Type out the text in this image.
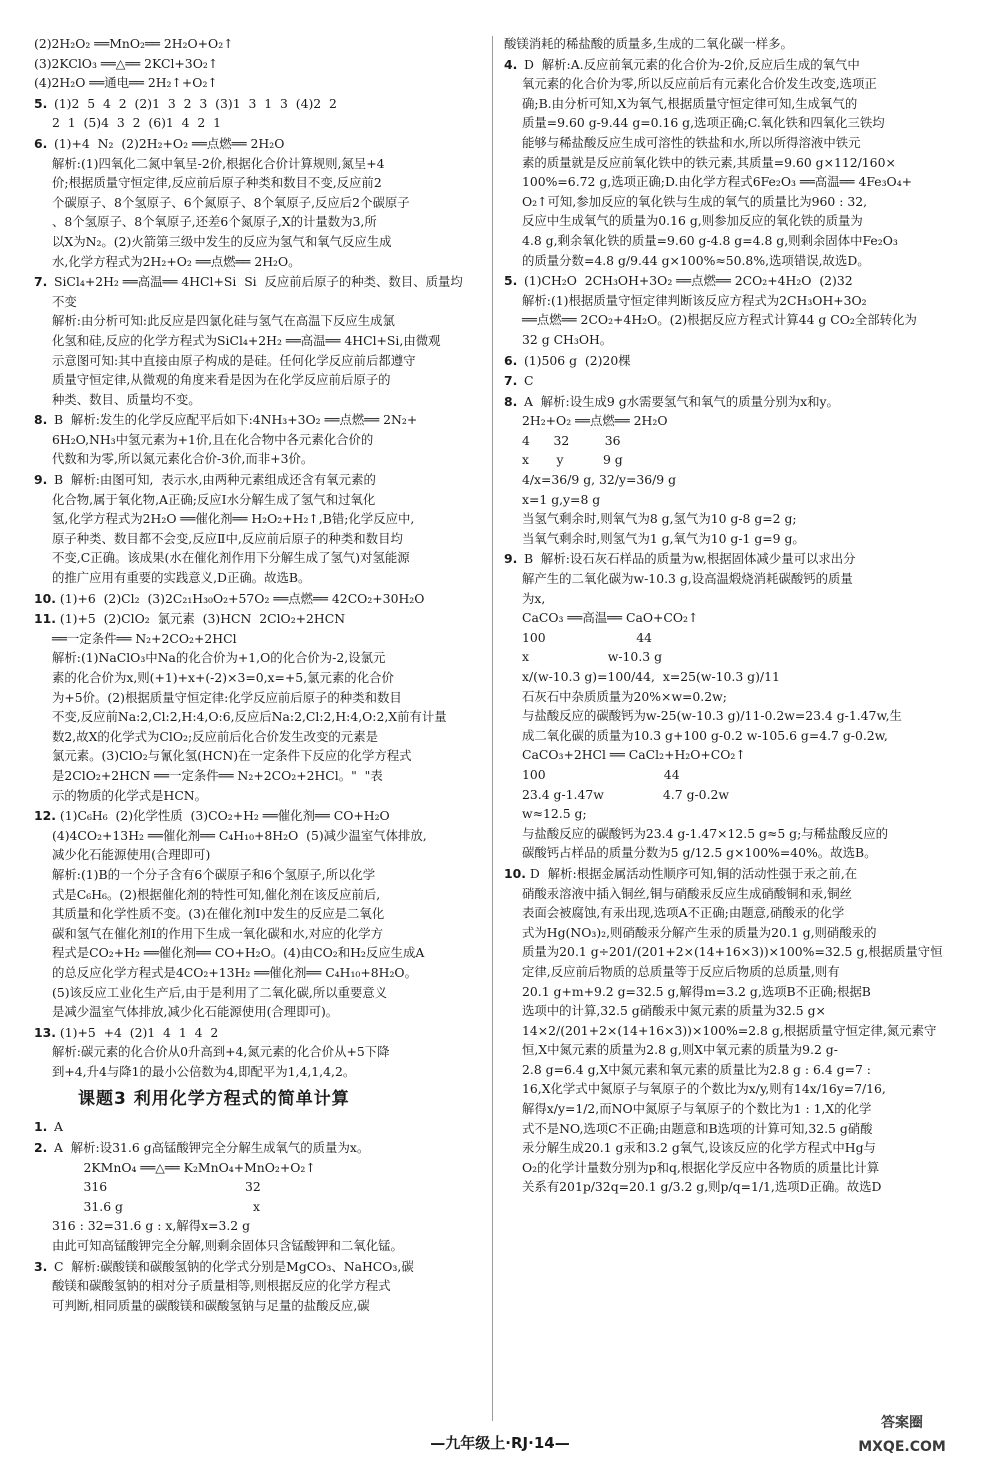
(2)2H₂O₂ ══MnO₂══ 2H₂O+O₂↑
(3)2KClO₃ ══△══ 2KCl+3O₂↑
(4)2H₂O ══通电══ 2H₂↑+O₂↑
5. (1)2  5  4  2  (2)1  3  2  3  (3)1  3  1  3  (4)2  2
2  1  (5)4  3  2  (6)1  4  2  1
6. (1)+4  N₂  (2)2H₂+O₂ ══点燃══ 2H₂O
解析:(1)四氧化二氮中氧呈-2价,根据化合价计算规则,氮呈+4
价;根据质量守恒定律,反应前后原子种类和数目不变,反应前2
个碳原子、8个氢原子、6个氮原子、8个氧原子,反应后2个碳原子
、8个氢原子、8个氧原子,还差6个氮原子,X的计量数为3,所
以X为N₂。(2)火箭第三级中发生的反应为氢气和氧气反应生成
水,化学方程式为2H₂+O₂ ══点燃══ 2H₂O。
7. SiCl₄+2H₂ ══高温══ 4HCl+Si  Si  反应前后原子的种类、数目、质量均
不变
解析:由分析可知:此反应是四氯化硅与氢气在高温下反应生成氯
化氢和硅,反应的化学方程式为SiCl₄+2H₂ ══高温══ 4HCl+Si,由微观
示意图可知:其中直接由原子构成的是硅。任何化学反应前后都遵守
质量守恒定律,从微观的角度来看是因为在化学反应前后原子的
种类、数目、质量均不变。
8. B  解析:发生的化学反应配平后如下:4NH₃+3O₂ ══点燃══ 2N₂+
6H₂O,NH₃中氢元素为+1价,且在化合物中各元素化合价的
代数和为零,所以氮元素化合价-3价,而非+3价。
9. B  解析:由图可知,  表示水,由两种元素组成还含有氧元素的
化合物,属于氧化物,A正确;反应Ⅰ水分解生成了氢气和过氧化
氢,化学方程式为2H₂O ══催化剂══ H₂O₂+H₂↑,B错;化学反应中,
原子种类、数目都不会变,反应Ⅱ中,反应前后原子的种类和数目均
不变,C正确。该成果(水在催化剂作用下分解生成了氢气)对氢能源
的推广应用有重要的实践意义,D正确。故选B。
10. (1)+6  (2)Cl₂  (3)2C₂₁H₃₀O₂+57O₂ ══点燃══ 42CO₂+30H₂O
11. (1)+5  (2)ClO₂  氯元素  (3)HCN  2ClO₂+2HCN
══一定条件══ N₂+2CO₂+2HCl
解析:(1)NaClO₃中Na的化合价为+1,O的化合价为-2,设氯元
素的化合价为x,则(+1)+x+(-2)×3=0,x=+5,氯元素的化合价
为+5价。(2)根据质量守恒定律:化学反应前后原子的种类和数目
不变,反应前Na:2,Cl:2,H:4,O:6,反应后Na:2,Cl:2,H:4,O:2,X前有计量
数2,故X的化学式为ClO₂;反应前后化合价发生改变的元素是
氯元素。(3)ClO₂与氰化氢(HCN)在一定条件下反应的化学方程式
是2ClO₂+2HCN ══一定条件══ N₂+2CO₂+2HCl。"  "表
示的物质的化学式是HCN。
12. (1)C₆H₆  (2)化学性质  (3)CO₂+H₂ ══催化剂══ CO+H₂O
(4)4CO₂+13H₂ ══催化剂══ C₄H₁₀+8H₂O  (5)减少温室气体排放,
减少化石能源使用(合理即可)
解析:(1)B的一个分子含有6个碳原子和6个氢原子,所以化学
式是C₆H₆。(2)根据催化剂的特性可知,催化剂在该反应前后,
其质量和化学性质不变。(3)在催化剂Ⅰ中发生的反应是二氧化
碳和氢气在催化剂Ⅰ的作用下生成一氧化碳和水,对应的化学方
程式是CO₂+H₂ ══催化剂══ CO+H₂O。(4)由CO₂和H₂反应生成A
的总反应化学方程式是4CO₂+13H₂ ══催化剂══ C₄H₁₀+8H₂O。
(5)该反应工业化生产后,由于是利用了二氧化碳,所以重要意义
是减少温室气体排放,减少化石能源使用(合理即可)。
13. (1)+5  +4  (2)1  4  1  4  2
解析:碳元素的化合价从0升高到+4,氮元素的化合价从+5下降
到+4,升4与降1的最小公倍数为4,即配平为1,4,1,4,2。
课题3 利用化学方程式的简单计算
1. A
2. A  解析:设31.6 g高锰酸钾完全分解生成氧气的质量为x。
2KMnO₄ ══△══ K₂MnO₄+MnO₂+O₂↑
316                                   32
31.6 g                                 x
316 : 32=31.6 g : x,解得x=3.2 g
由此可知高锰酸钾完全分解,则剩余固体只含锰酸钾和二氧化锰。
3. C  解析:碳酸镁和碳酸氢钠的化学式分别是MgCO₃、NaHCO₃,碳
酸镁和碳酸氢钠的相对分子质量相等,则根据反应的化学方程式
可判断,相同质量的碳酸镁和碳酸氢钠与足量的盐酸反应,碳
酸镁消耗的稀盐酸的质量多,生成的二氧化碳一样多。
4. D  解析:A.反应前氧元素的化合价为-2价,反应后生成的氧气中
氧元素的化合价为零,所以反应前后有元素化合价发生改变,选项正
确;B.由分析可知,X为氧气,根据质量守恒定律可知,生成氧气的
质量=9.60 g-9.44 g=0.16 g,选项正确;C.氧化铁和四氧化三铁均
能够与稀盐酸反应生成可溶性的铁盐和水,所以所得溶液中铁元
素的质量就是反应前氧化铁中的铁元素,其质量=9.60 g×112/160×
100%=6.72 g,选项正确;D.由化学方程式6Fe₂O₃ ══高温══ 4Fe₃O₄+
O₂↑可知,参加反应的氧化铁与生成的氧气的质量比为960 : 32,
反应中生成氧气的质量为0.16 g,则参加反应的氧化铁的质量为
4.8 g,剩余氧化铁的质量=9.60 g-4.8 g=4.8 g,则剩余固体中Fe₂O₃
的质量分数=4.8 g/9.44 g×100%≈50.8%,选项错误,故选D。
5. (1)CH₂O  2CH₃OH+3O₂ ══点燃══ 2CO₂+4H₂O  (2)32
解析:(1)根据质量守恒定律判断该反应方程式为2CH₃OH+3O₂
══点燃══ 2CO₂+4H₂O。(2)根据反应方程式计算44 g CO₂全部转化为
32 g CH₃OH。
6. (1)506 g  (2)20棵
7. C
8. A  解析:设生成9 g水需要氢气和氧气的质量分别为x和y。
2H₂+O₂ ══点燃══ 2H₂O
4      32         36
x       y          9 g
4/x=36/9 g, 32/y=36/9 g
x=1 g,y=8 g
当氢气剩余时,则氧气为8 g,氢气为10 g-8 g=2 g;
当氧气剩余时,则氢气为1 g,氧气为10 g-1 g=9 g。
9. B  解析:设石灰石样品的质量为w,根据固体减少量可以求出分
解产生的二氧化碳为w-10.3 g,设高温煅烧消耗碳酸钙的质量
为x,
CaCO₃ ══高温══ CaO+CO₂↑
100                       44
x                    w-10.3 g
x/(w-10.3 g)=100/44,  x=25(w-10.3 g)/11
石灰石中杂质质量为20%×w=0.2w;
与盐酸反应的碳酸钙为w-25(w-10.3 g)/11-0.2w=23.4 g-1.47w,生
成二氧化碳的质量为10.3 g+100 g-0.2 w-105.6 g=4.7 g-0.2w,
CaCO₃+2HCl ══ CaCl₂+H₂O+CO₂↑
100                              44
23.4 g-1.47w               4.7 g-0.2w
w≈12.5 g;
与盐酸反应的碳酸钙为23.4 g-1.47×12.5 g≈5 g;与稀盐酸反应的
碳酸钙占样品的质量分数为5 g/12.5 g×100%=40%。故选B。
10. D  解析:根据金属活动性顺序可知,铜的活动性强于汞之前,在
硝酸汞溶液中插入铜丝,铜与硝酸汞反应生成硝酸铜和汞,铜丝
表面会被腐蚀,有汞出现,选项A不正确;由题意,硝酸汞的化学
式为Hg(NO₃)₂,则硝酸汞分解产生汞的质量为20.1 g,则硝酸汞的
质量为20.1 g÷201/(201+2×(14+16×3))×100%=32.5 g,根据质量守恒
定律,反应前后物质的总质量等于反应后物质的总质量,则有
20.1 g+m+9.2 g=32.5 g,解得m=3.2 g,选项B不正确;根据B
选项中的计算,32.5 g硝酸汞中氮元素的质量为32.5 g×
14×2/(201+2×(14+16×3))×100%=2.8 g,根据质量守恒定律,氮元素守
恒,X中氮元素的质量为2.8 g,则X中氧元素的质量为9.2 g-
2.8 g=6.4 g,X中氮元素和氧元素的质量比为2.8 g : 6.4 g=7 :
16,X化学式中氮原子与氧原子的个数比为x/y,则有14x/16y=7/16,
解得x/y=1/2,而NO中氮原子与氧原子的个数比为1 : 1,X的化学
式不是NO,选项C不正确;由题意和B选项的计算可知,32.5 g硝酸
汞分解生成20.1 g汞和3.2 g氧气,设该反应的化学方程式中Hg与
O₂的化学计量数分别为p和q,根据化学反应中各物质的质量比计算
关系有201p/32q=20.1 g/3.2 g,则p/q=1/1,选项D正确。故选D
—九年级上·RJ·14—
答案圈
MXQE.COM
